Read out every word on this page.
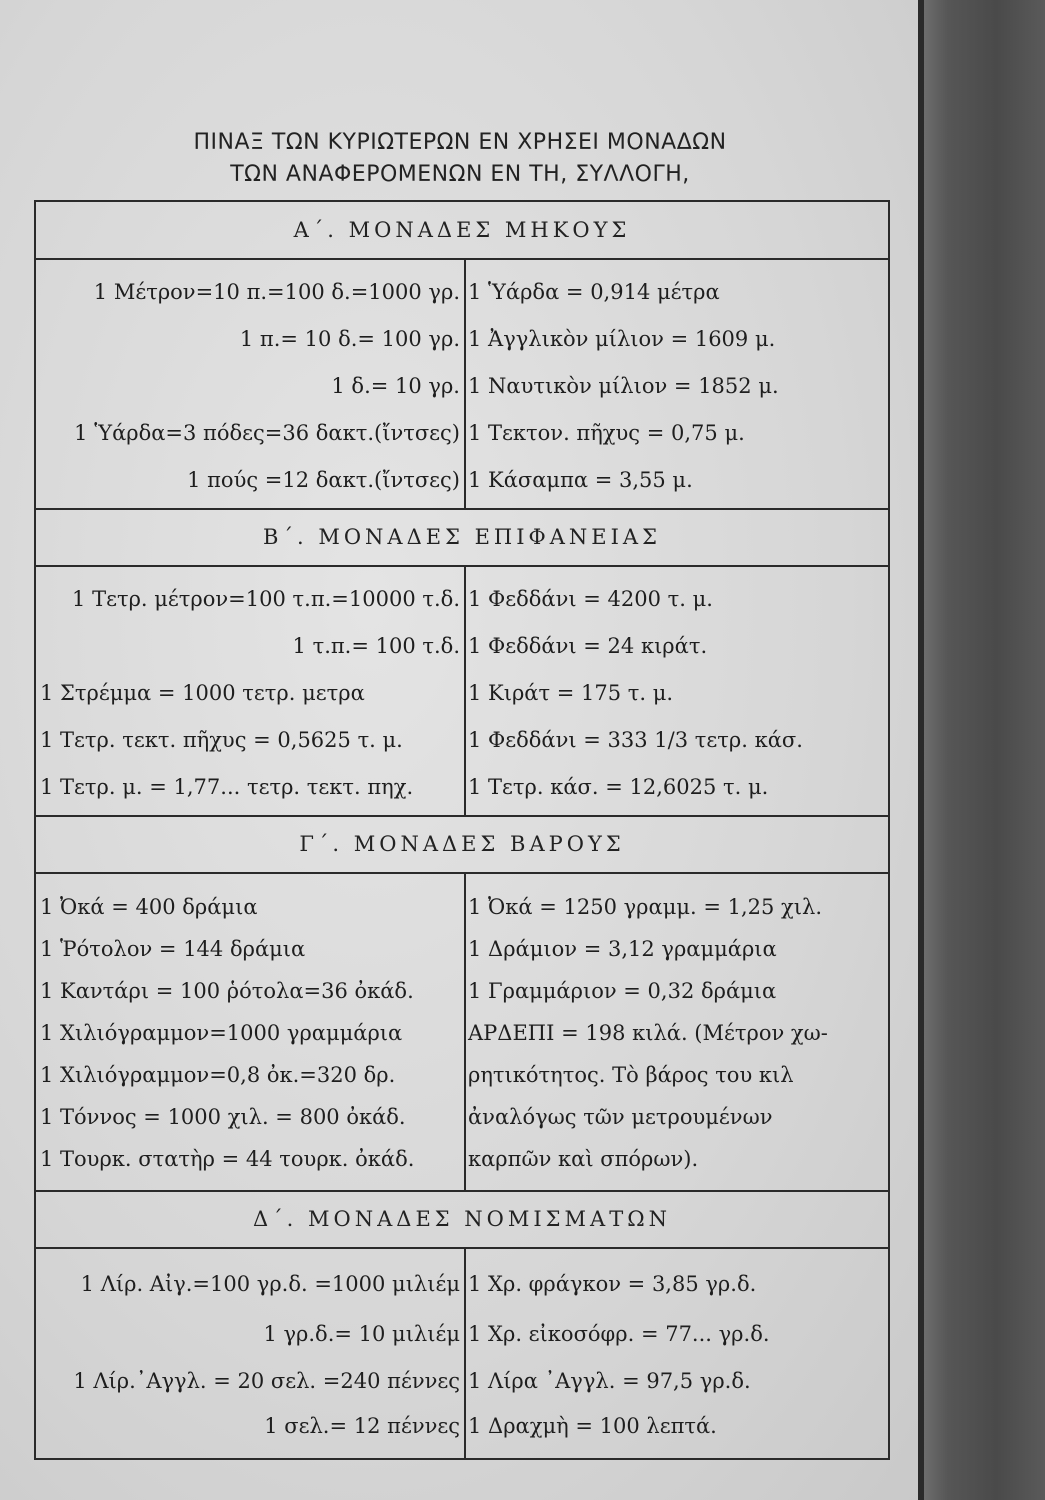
ΠΙΝΑΞ ΤΩΝ ΚΥΡΙΩΤΕΡΩΝ ΕΝ ΧΡΗΣΕΙ ΜΟΝΑΔΩΝ
ΤΩΝ ΑΝΑΦΕΡΟΜΕΝΩΝ ΕΝ ΤΗ, ΣΥΛΛΟΓΗ,
Α΄. ΜΟΝΑΔΕΣ ΜΗΚΟΥΣ
1 Μέτρον=10 π.=100 δ.=1000 γρ.
1 π.= 10 δ.= 100 γρ.
1 δ.= 10 γρ.
1 Ὑάρδα=3 πόδες=36 δακτ.(ἴντσες)
1 πούς =12 δακτ.(ἴντσες)
1 Ὑάρδα = 0,914 μέτρα
1 Ἀγγλικὸν μίλιον = 1609 μ.
1 Ναυτικὸν μίλιον = 1852 μ.
1 Τεκτον. πῆχυς = 0,75 μ.
1 Κάσαμπα = 3,55 μ.
Β΄. ΜΟΝΑΔΕΣ ΕΠΙΦΑΝΕΙΑΣ
1 Τετρ. μέτρον=100 τ.π.=10000 τ.δ.
1 τ.π.= 100 τ.δ.
1 Στρέμμα = 1000 τετρ. μετρα
1 Τετρ. τεκτ. πῆχυς = 0,5625 τ. μ.
1 Τετρ. μ. = 1,77... τετρ. τεκτ. πηχ.
1 Φεδδάνι = 4200 τ. μ.
1 Φεδδάνι = 24 κιράτ.
1 Κιράτ = 175 τ. μ.
1 Φεδδάνι = 333 1/3 τετρ. κάσ.
1 Τετρ. κάσ. = 12,6025 τ. μ.
Γ΄. ΜΟΝΑΔΕΣ ΒΑΡΟΥΣ
1 Ὀκά = 400 δράμια
1 Ῥότολον = 144 δράμια
1 Καντάρι = 100 ῥότολα=36 ὀκάδ.
1 Χιλιόγραμμον=1000 γραμμάρια
1 Χιλιόγραμμον=0,8 ὀκ.=320 δρ.
1 Τόννος = 1000 χιλ. = 800 ὀκάδ.
1 Τουρκ. στατὴρ = 44 τουρκ. ὀκάδ.
1 Ὀκά = 1250 γραμμ. = 1,25 χιλ.
1 Δράμιον = 3,12 γραμμάρια
1 Γραμμάριον = 0,32 δράμια
ΑΡΔΕΠΙ = 198 κιλά. (Μέτρον χω-
ρητικότητος. Τὸ βάρος του κιλ
ἀναλόγως τῶν μετρουμένων
καρπῶν καὶ σπόρων).
Δ΄. ΜΟΝΑΔΕΣ ΝΟΜΙΣΜΑΤΩΝ
1 Λίρ. Αἰγ.=100 γρ.δ. =1000 μιλιέμ
1 γρ.δ.= 10 μιλιέμ
1 Λίρ.᾿Αγγλ. = 20 σελ. =240 πέννες
1 σελ.= 12 πέννες
1 Χρ. φράγκον = 3,85 γρ.δ.
1 Χρ. εἰκοσόφρ. = 77... γρ.δ.
1 Λίρα ᾿Αγγλ. = 97,5 γρ.δ.
1 Δραχμὴ = 100 λεπτά.
